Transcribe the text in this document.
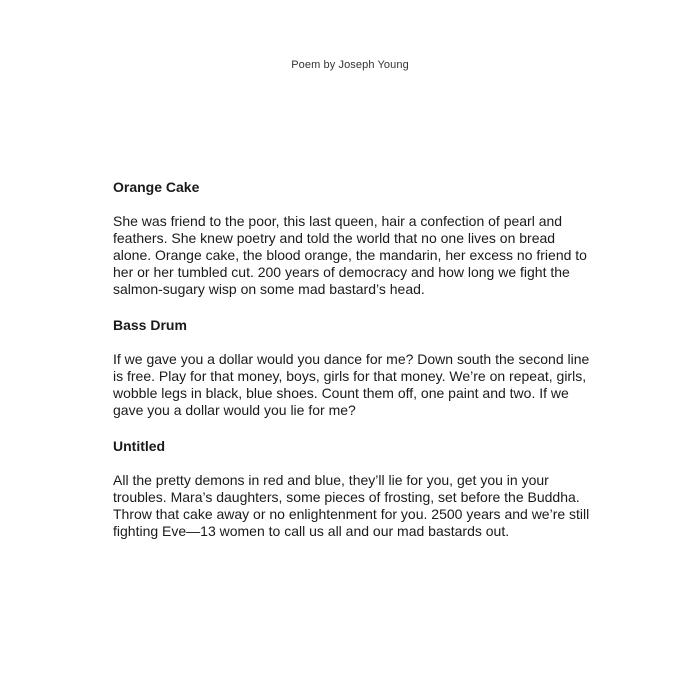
Poem by Joseph Young
Orange Cake

She was friend to the poor, this last queen, hair a confection of pearl and feathers. She knew poetry and told the world that no one lives on bread alone. Orange cake, the blood orange, the mandarin, her excess no friend to her or her tumbled cut. 200 years of democracy and how long we fight the salmon-sugary wisp on some mad bastard’s head.

Bass Drum

If we gave you a dollar would you dance for me? Down south the second line is free. Play for that money, boys, girls for that money. We’re on repeat, girls, wobble legs in black, blue shoes. Count them off, one paint and two. If we gave you a dollar would you lie for me?

Untitled

All the pretty demons in red and blue, they’ll lie for you, get you in your troubles. Mara’s daughters, some pieces of frosting, set before the Buddha. Throw that cake away or no enlightenment for you. 2500 years and we’re still fighting Eve—13 women to call us all and our mad bastards out.
